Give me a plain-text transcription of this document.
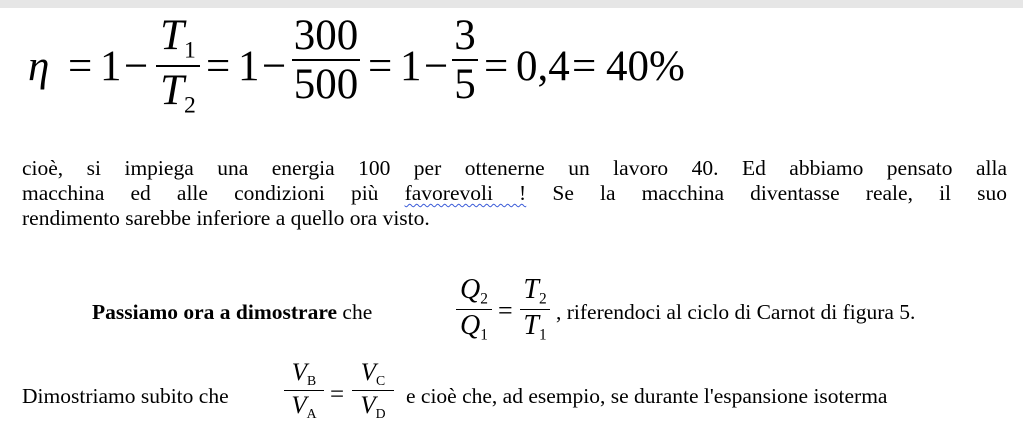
η = 1 −
$T_1$
$T_2$
= 1 −
300
500 = 1 −
3
5 = 0,4 = 40%
cioè, si impiega una energia 100 per ottenerne un lavoro 40. Ed abbiamo pensato alla
macchina ed alle condizioni più favorevoli ! Se la macchina diventasse reale, il suo
rendimento sarebbe inferiore a quello ora visto.
Passiamo ora a dimostrare che
$Q_2$
$Q_1$
=
$T_2$
$T_1$
, riferendoci al ciclo di Carnot di figura 5.
Dimostriamo subito che
$V_B$
$V_A$
=
$V_C$
$V_D$
e cioè che, ad esempio, se durante l'espansione isoterma
